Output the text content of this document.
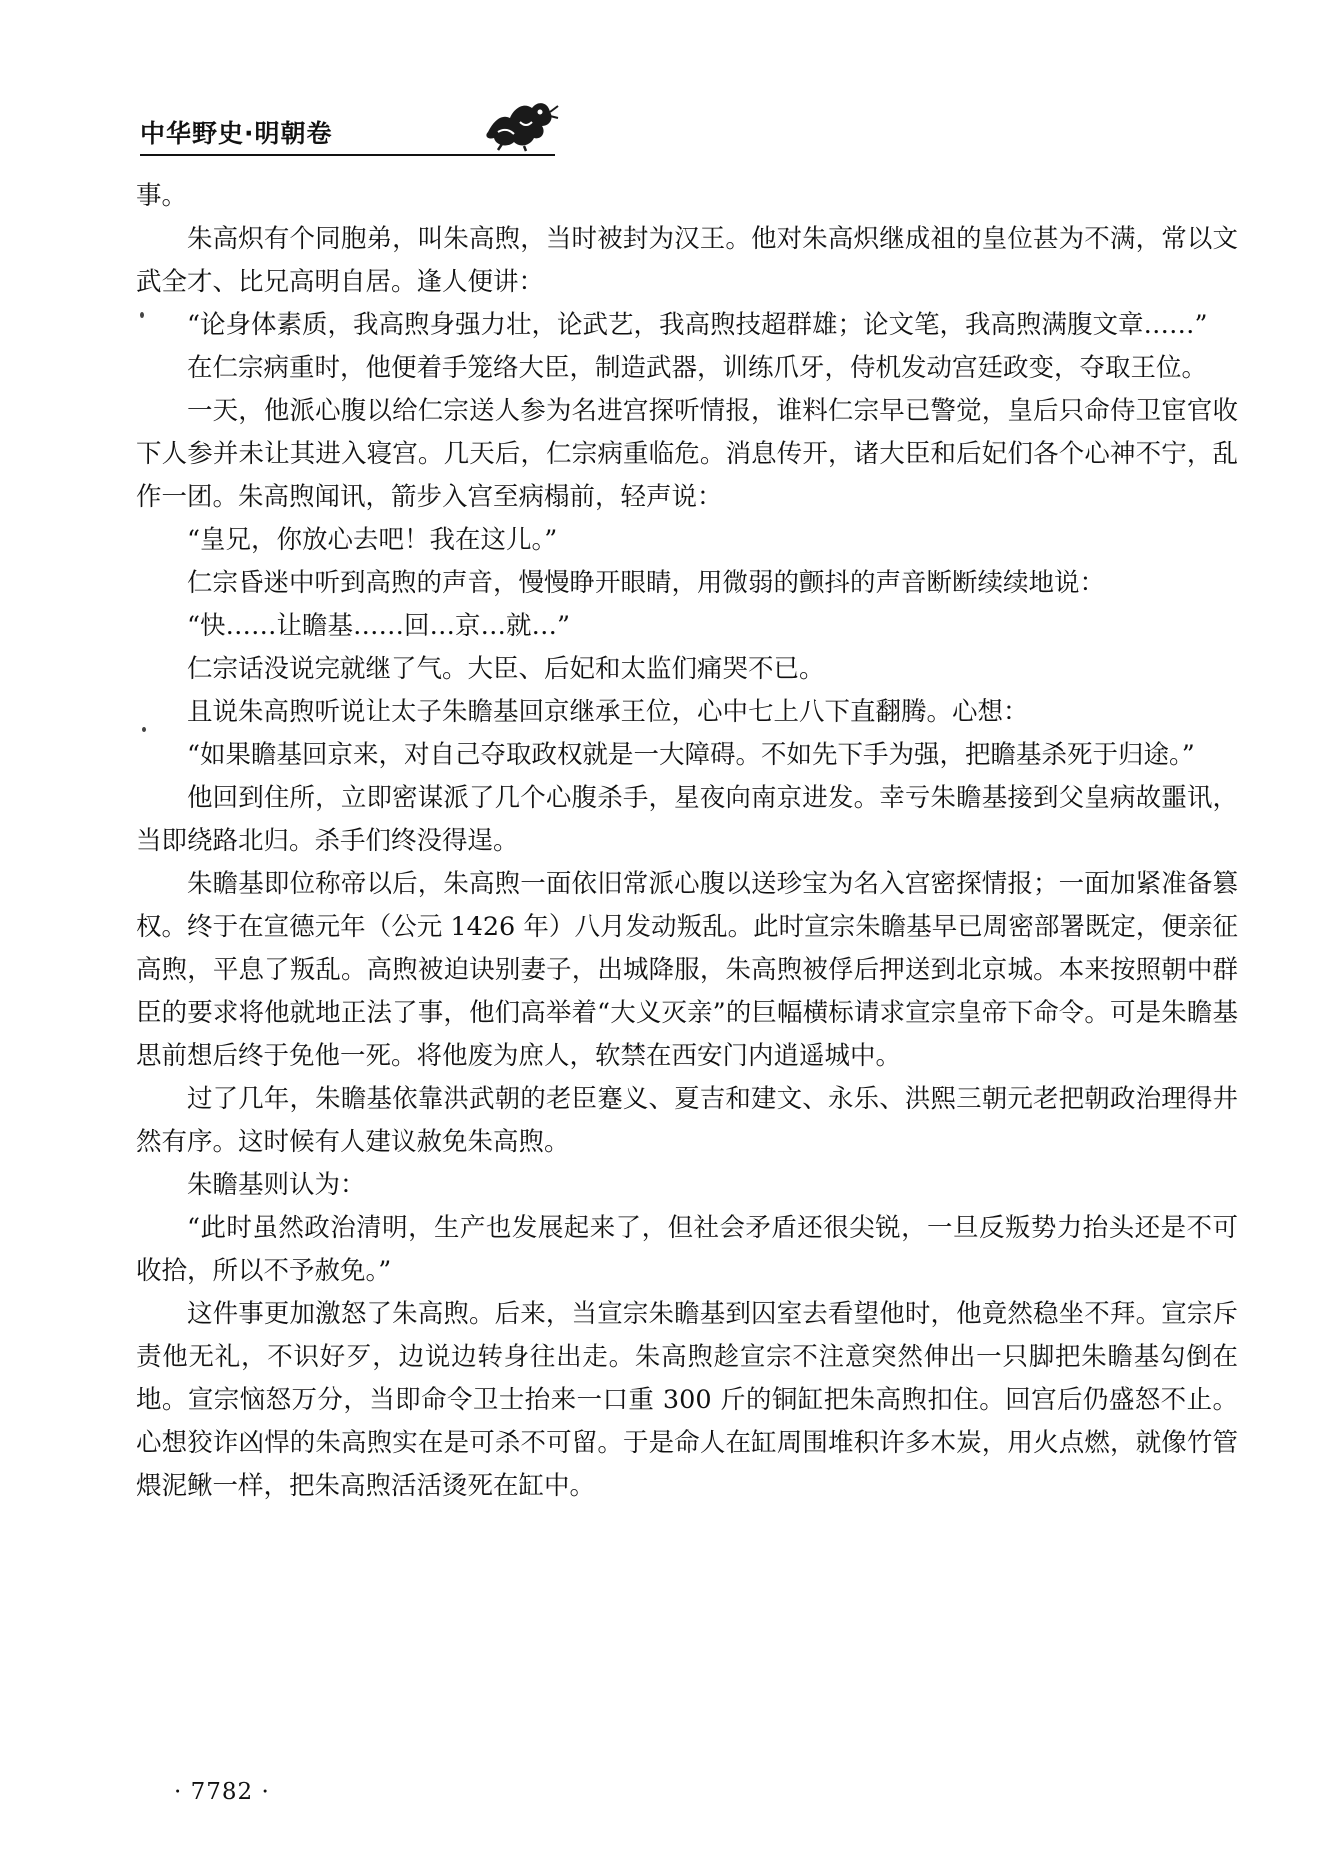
中华野史·明朝卷

事。

朱高炽有个同胞弟，叫朱高煦，当时被封为汉王。他对朱高炽继成祖的皇位甚为不满，常以文武全才、比兄高明自居。逢人便讲：

“论身体素质，我高煦身强力壮，论武艺，我高煦技超群雄；论文笔，我高煦满腹文章……”

在仁宗病重时，他便着手笼络大臣，制造武器，训练爪牙，侍机发动宫廷政变，夺取王位。

一天，他派心腹以给仁宗送人参为名进宫探听情报，谁料仁宗早已警觉，皇后只命侍卫宦官收下人参并未让其进入寝宫。几天后，仁宗病重临危。消息传开，诸大臣和后妃们各个心神不宁，乱作一团。朱高煦闻讯，箭步入宫至病榻前，轻声说：

“皇兄，你放心去吧！我在这儿。”

仁宗昏迷中听到高煦的声音，慢慢睁开眼睛，用微弱的颤抖的声音断断续续地说：

“快……让瞻基……回…京…就…”

仁宗话没说完就继了气。大臣、后妃和太监们痛哭不已。

且说朱高煦听说让太子朱瞻基回京继承王位，心中七上八下直翻腾。心想：

“如果瞻基回京来，对自己夺取政权就是一大障碍。不如先下手为强，把瞻基杀死于归途。”

他回到住所，立即密谋派了几个心腹杀手，星夜向南京进发。幸亏朱瞻基接到父皇病故噩讯，当即绕路北归。杀手们终没得逞。

朱瞻基即位称帝以后，朱高煦一面依旧常派心腹以送珍宝为名入宫密探情报；一面加紧准备篡权。终于在宣德元年（公元 1426 年）八月发动叛乱。此时宣宗朱瞻基早已周密部署既定，便亲征高煦，平息了叛乱。高煦被迫诀别妻子，出城降服，朱高煦被俘后押送到北京城。本来按照朝中群臣的要求将他就地正法了事，他们高举着“大义灭亲”的巨幅横标请求宣宗皇帝下命令。可是朱瞻基思前想后终于免他一死。将他废为庶人，软禁在西安门内逍遥城中。

过了几年，朱瞻基依靠洪武朝的老臣蹇义、夏吉和建文、永乐、洪熙三朝元老把朝政治理得井然有序。这时候有人建议赦免朱高煦。

朱瞻基则认为：

“此时虽然政治清明，生产也发展起来了，但社会矛盾还很尖锐，一旦反叛势力抬头还是不可收拾，所以不予赦免。”

这件事更加激怒了朱高煦。后来，当宣宗朱瞻基到囚室去看望他时，他竟然稳坐不拜。宣宗斥责他无礼，不识好歹，边说边转身往出走。朱高煦趁宣宗不注意突然伸出一只脚把朱瞻基勾倒在地。宣宗恼怒万分，当即命令卫士抬来一口重 300 斤的铜缸把朱高煦扣住。回宫后仍盛怒不止。心想狡诈凶悍的朱高煦实在是可杀不可留。于是命人在缸周围堆积许多木炭，用火点燃，就像竹管煨泥鳅一样，把朱高煦活活烫死在缸中。

· 7782 ·
